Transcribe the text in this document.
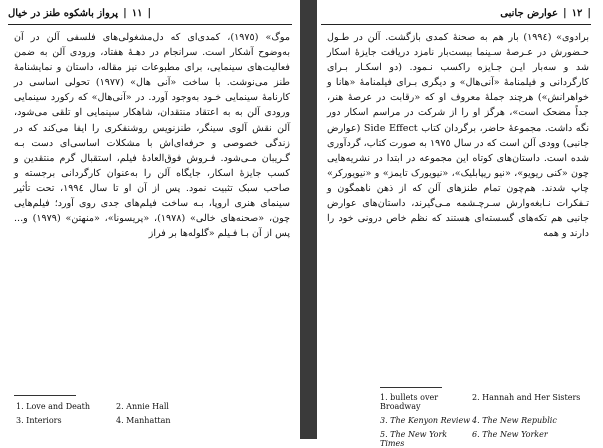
|
١١
|
پرواز باشکوه طنز در خیال

موگ» (١٩٧٥)، کمدی‌ای که دل‌مشغولی‌های فلسفی آلن در آن به‌وضوح آشکار است. سرانجام در دهـهٔ هفتاد، ورودی آلن به ضمن فعالیت‌های سینمایی، برای مطبوعات نیز مقاله، داستان و نمایشنامهٔ طنز می‌نوشت. با ساخت «آنی هال» (١٩٧٧) تحولی اساسی در کارنامهٔ سینمایی خـود به‌وجود آورد. در «آنی‌هال» که رکورد سینمایی ورودی آلن به به اعتقاد منتقدان، شاهکار سینمایی او تلقی می‌شود، آلن نقش آلوی سینگر، طنزنویس روشنفکری را ایفا می‌کند که در زندگی خصوصی و حرفه‌ای‌اش با مشکلات اساسی‌ای دست بـه گـریبان مـی‌شود. فـروش فوق‌العادهٔ فیلم، استقبال گرم منتقدین و کسب جایزهٔ اسکار، جایگاه آلن را به‌عنوان کارگردانی برجسته و صاحب سبک تثبیت نمود. پس از آن او تا سال ١٩٩٤، تحت تأثیر سینمای هنری اروپا، بـه ساخت فیلم‌های جدی روی آورد؛ فیلم‌هایی چون، «صحنه‌های خالی» (١٩٧٨)، «پریسونا»، «منهتن» (١٩٧٩) و... پس از آن بـا فـیلم «گلوله‌ها بر فراز

1. Love and Death	2. Annie Hall
3. Interiors	4. Manhattan
|
١٢
|
عوارض جانبی

برادوی» (١٩٩٤) بار هم به صحنهٔ کمدی بازگشت. آلن در طـول حـضورش در عـرصهٔ سـینما بیست‌بار نامزد دریافت جایزهٔ اسکار شد و سه‌بار ایـن جـایزه راکسب نـمود. (دو اسکـار بـرای کارگردانی و فیلمنامهٔ «آنی‌هال» و دیگری بـرای فیلمنامهٔ «هانا و خواهرانش») هرچند جملهٔ معروف او که «رقابت در عرصهٔ هنر، جداً مضحک است»، هرگز او را از شرکت در مراسم اسکار دور نگه داشت. مجموعهٔ حاضر، برگردان کتاب Side Effect (عوارض جانبی) وودی آلن است که در سال ١٩٧٥ به صورت کتاب، گردآوری شده است. داستان‌های کوتاه این مجموعه در ابتدا در نشریه‌هایی چون «کنی‌ ریویو»، «نیو ریپابلیک»، «نیویورک تایمز» و «نیویورکر» چاپ شدند. هم‌چون تمام طنزهای آلن که از ذهن ناهمگون و تـفکرات نـابغه‌وارش سـرچـشمه مـی‌گیرند، داستان‌های عوارض جانبی هم تکه‌های گسسته‌ای هستند که نظم خاص درونی خود را دارند و همه

1. bullets over Broadway
2. Hannah and Her Sisters
3. The Kenyon Review 4. The New Republic
5. The New York Times
6. The New Yorker
